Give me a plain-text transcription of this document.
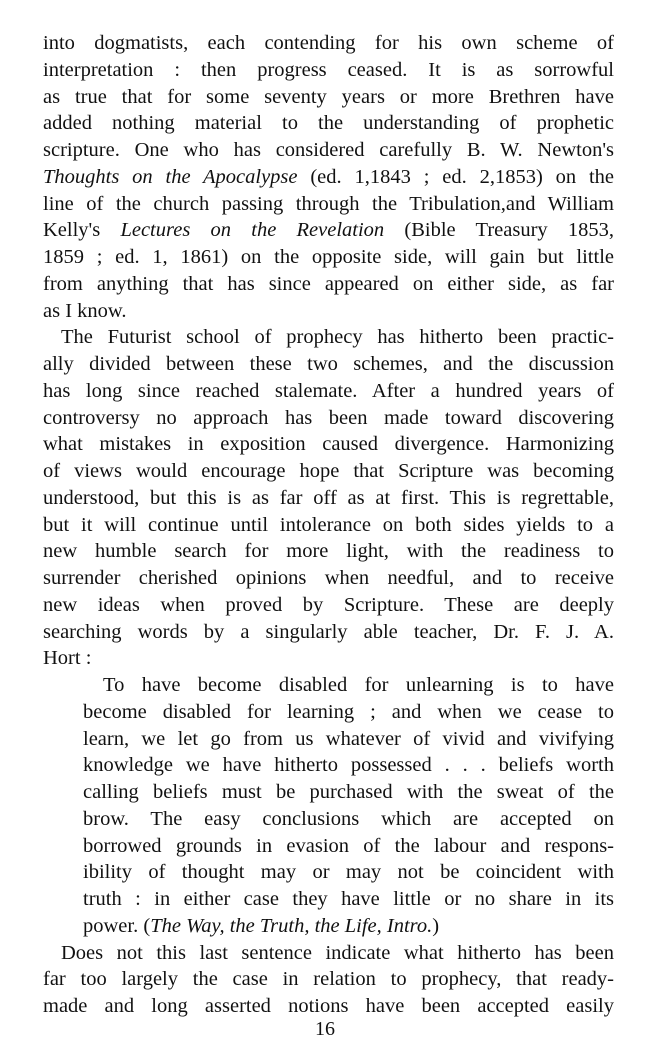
into dogmatists, each contending for his own scheme of
interpretation : then progress ceased. It is as sorrowful
as true that for some seventy years or more Brethren have
added nothing material to the understanding of prophetic
scripture. One who has considered carefully B. W. Newton's
Thoughts on the Apocalypse (ed. 1,1843 ; ed. 2,1853) on the
line of the church passing through the Tribulation,and William
Kelly's Lectures on the Revelation (Bible Treasury 1853,
1859 ; ed. 1, 1861) on the opposite side, will gain but little
from anything that has since appeared on either side, as far
as I know.
The Futurist school of prophecy has hitherto been practic-
ally divided between these two schemes, and the discussion
has long since reached stalemate. After a hundred years of
controversy no approach has been made toward discovering
what mistakes in exposition caused divergence. Harmonizing
of views would encourage hope that Scripture was becoming
understood, but this is as far off as at first. This is regrettable,
but it will continue until intolerance on both sides yields to a
new humble search for more light, with the readiness to
surrender cherished opinions when needful, and to receive
new ideas when proved by Scripture. These are deeply
searching words by a singularly able teacher, Dr. F. J. A.
Hort :
To have become disabled for unlearning is to have
become disabled for learning ; and when we cease to
learn, we let go from us whatever of vivid and vivifying
knowledge we have hitherto possessed . . . beliefs worth
calling beliefs must be purchased with the sweat of the
brow. The easy conclusions which are accepted on
borrowed grounds in evasion of the labour and respons-
ibility of thought may or may not be coincident with
truth : in either case they have little or no share in its
power. (The Way, the Truth, the Life, Intro.)
Does not this last sentence indicate what hitherto has been
far too largely the case in relation to prophecy, that ready-
made and long asserted notions have been accepted easily
16
